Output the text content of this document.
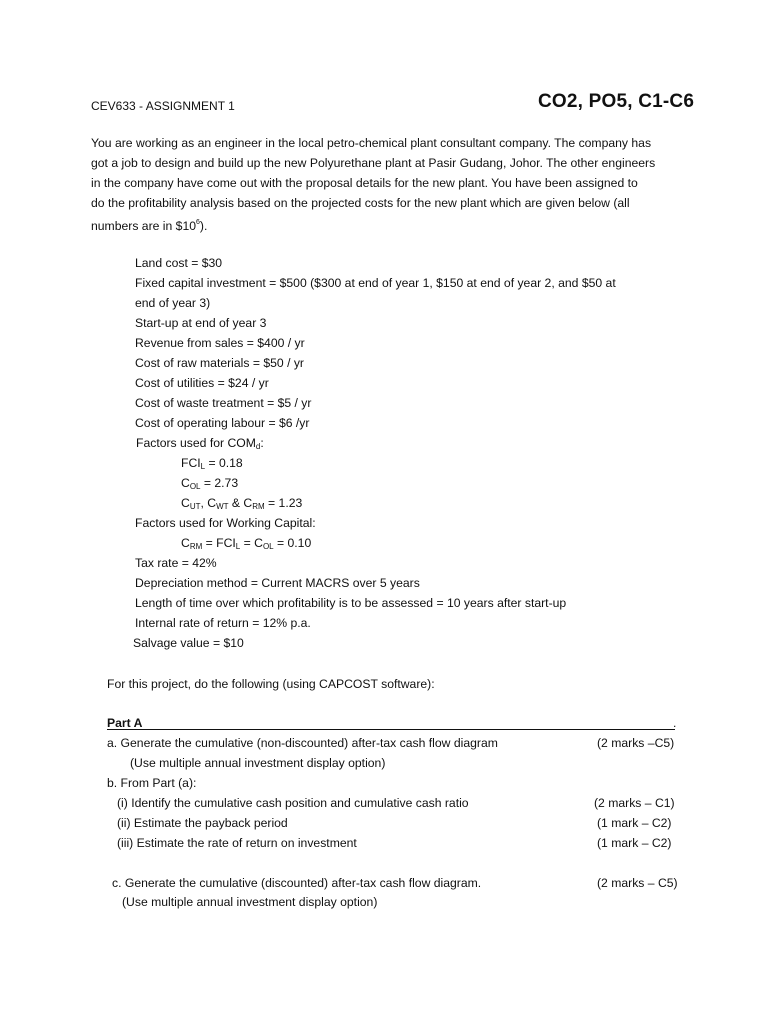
CEV633 - ASSIGNMENT 1	CO2, PO5, C1-C6
You are working as an engineer in the local petro-chemical plant consultant company. The company has
got a job to design and build up the new Polyurethane plant at Pasir Gudang, Johor. The other engineers
in the company have come out with the proposal details for the new plant. You have been assigned to
do the profitability analysis based on the projected costs for the new plant which are given below (all
numbers are in $\$10^6$).
Land cost = $30
Fixed capital investment = $500 ($300 at end of year 1, $150 at end of year 2, and $50 at
end of year 3)
Start-up at end of year 3
Revenue from sales = $400 / yr
Cost of raw materials = $50 / yr
Cost of utilities = $24 / yr
Cost of waste treatment = $5 / yr
Cost of operating labour = $6 /yr
Factors used for $COM_d$:
$FCI_L = 0.18$
$C_{OL} = 2.73$
$C_{UT}$, $C_{WT}$ & $C_{RM} = 1.23$
Factors used for Working Capital:
$C_{RM} = FCI_L = C_{OL} = 0.10$
Tax rate = 42%
Depreciation method = Current MACRS over 5 years
Length of time over which profitability is to be assessed = 10 years after start-up
Internal rate of return = 12% p.a.
Salvage value = $10
For this project, do the following (using CAPCOST software):
Part A	.
a. Generate the cumulative (non-discounted) after-tax cash flow diagram	(2 marks –C5)
(Use multiple annual investment display option)
b. From Part (a):
(i) Identify the cumulative cash position and cumulative cash ratio	(2 marks – C1)
(ii) Estimate the payback period	(1 mark – C2)
(iii) Estimate the rate of return on investment	(1 mark – C2)
c. Generate the cumulative (discounted) after-tax cash flow diagram.	(2 marks – C5)
(Use multiple annual investment display option)
